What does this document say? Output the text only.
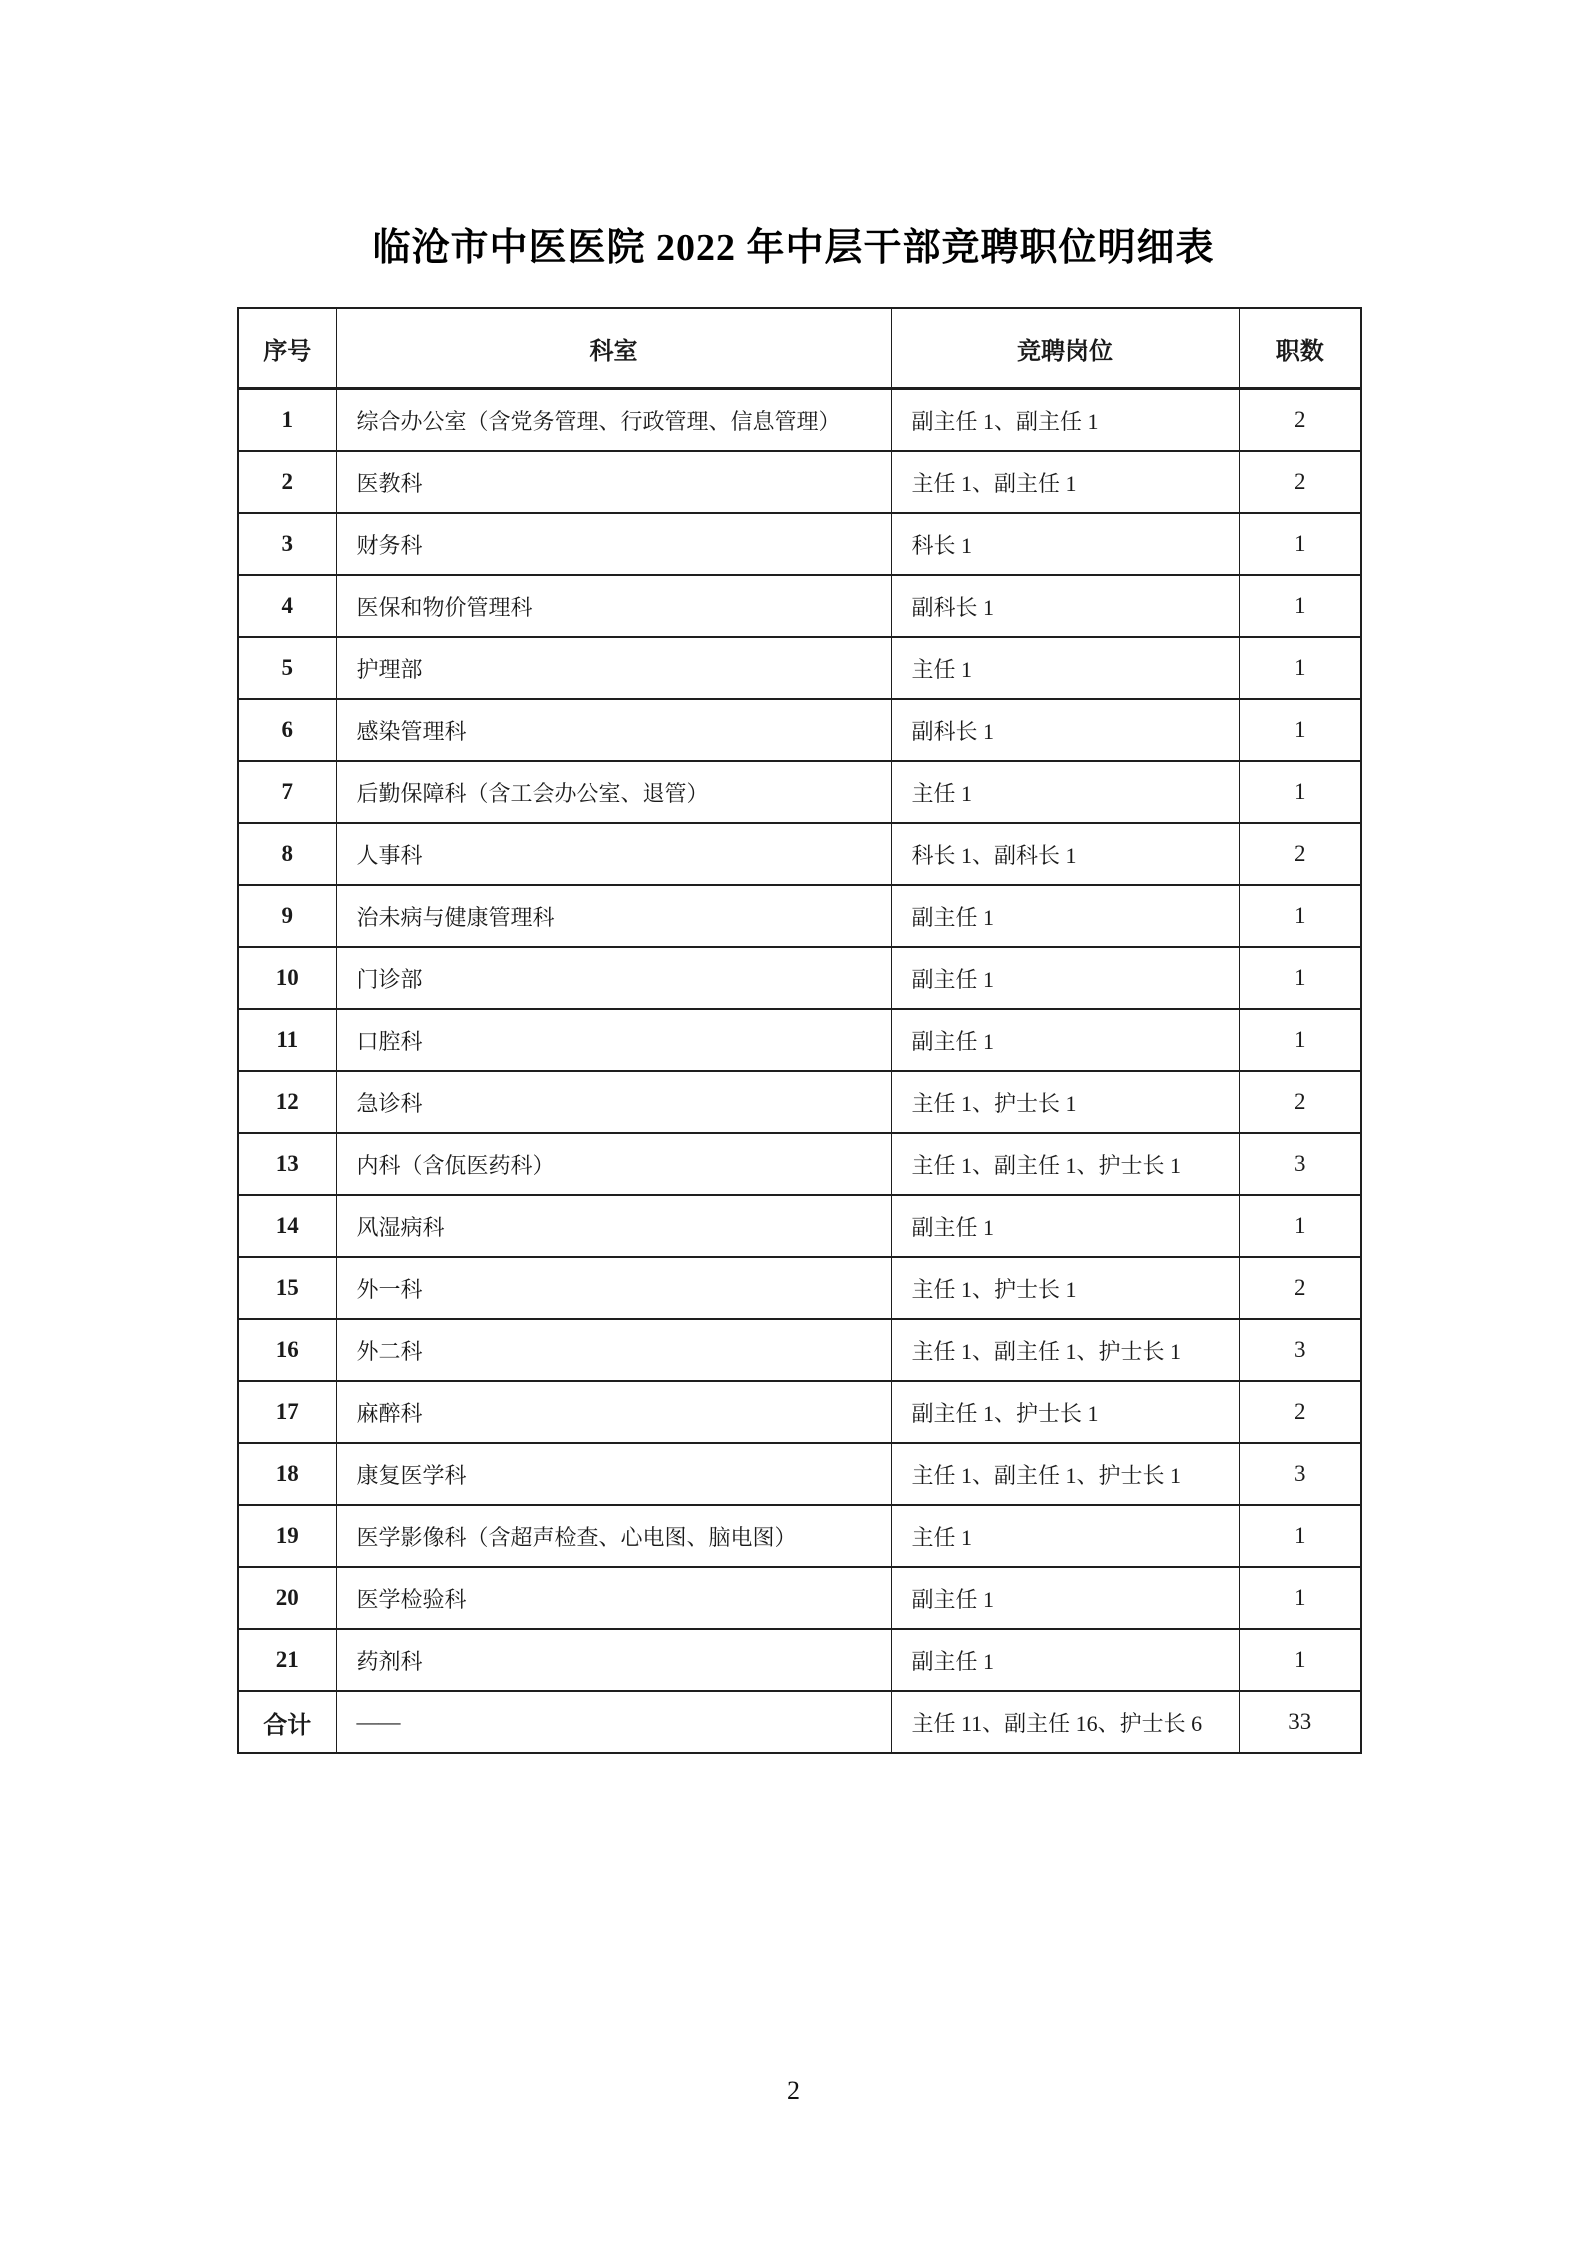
临沧市中医医院 2022 年中层干部竞聘职位明细表
序号	科室	竞聘岗位	职数
1	综合办公室（含党务管理、行政管理、信息管理）	副主任 1、副主任 1	2
2	医教科	主任 1、副主任 1	2
3	财务科	科长 1	1
4	医保和物价管理科	副科长 1	1
5	护理部	主任 1	1
6	感染管理科	副科长 1	1
7	后勤保障科（含工会办公室、退管）	主任 1	1
8	人事科	科长 1、副科长 1	2
9	治未病与健康管理科	副主任 1	1
10	门诊部	副主任 1	1
11	口腔科	副主任 1	1
12	急诊科	主任 1、护士长 1	2
13	内科（含佤医药科）	主任 1、副主任 1、护士长 1	3
14	风湿病科	副主任 1	1
15	外一科	主任 1、护士长 1	2
16	外二科	主任 1、副主任 1、护士长 1	3
17	麻醉科	副主任 1、护士长 1	2
18	康复医学科	主任 1、副主任 1、护士长 1	3
19	医学影像科（含超声检查、心电图、脑电图）	主任 1	1
20	医学检验科	副主任 1	1
21	药剂科	副主任 1	1
合计	——	主任 11、副主任 16、护士长 6	33
2
